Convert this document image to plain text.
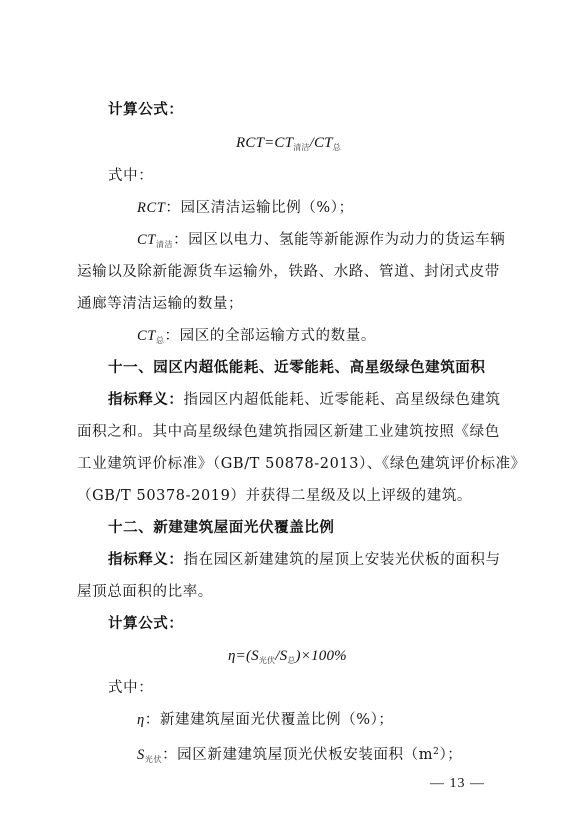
计算公式：
$RCT=CT_{清洁}/CT_总$
式中：
RCT：园区清洁运输比例（%）；
$CT_{清洁}$：园区以电力、氢能等新能源作为动力的货运车辆
运输以及除新能源货车运输外，铁路、水路、管道、封闭式皮带
通廊等清洁运输的数量；
$CT_总$：园区的全部运输方式的数量。
十一、园区内超低能耗、近零能耗、高星级绿色建筑面积
指标释义：指园区内超低能耗、近零能耗、高星级绿色建筑
面积之和。其中高星级绿色建筑指园区新建工业建筑按照《绿色
工业建筑评价标准》（GB/T 50878-2013）、《绿色建筑评价标准》
（GB/T 50378-2019）并获得二星级及以上评级的建筑。
十二、新建建筑屋面光伏覆盖比例
指标释义：指在园区新建建筑的屋顶上安装光伏板的面积与
屋顶总面积的比率。
计算公式：
$\eta=(S_{光伏}/S_总)\times 100\%$
式中：
η：新建建筑屋面光伏覆盖比例（%）；
$S_{光伏}$：园区新建建筑屋顶光伏板安装面积$(m^2)$；
— 13 —
